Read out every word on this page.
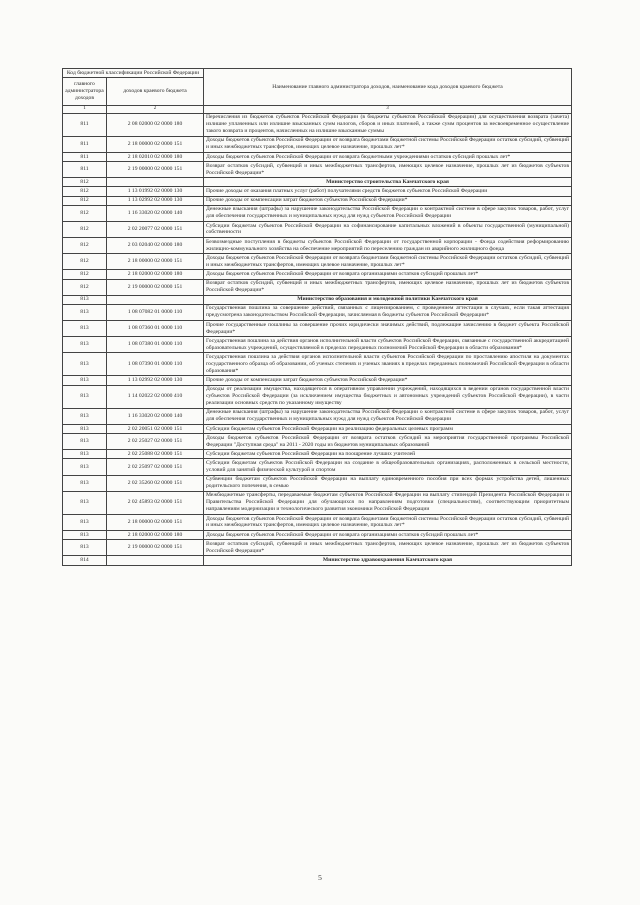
Код бюджетной классификации Российской Федерации		Наименование главного администратора доходов, наименование кода доходов краевого бюджета
главного администратора доходов	доходов краевого бюджета	
1	2	3
811	2 08 02000 02 0000 180	Перечисления из бюджетов субъектов Российской Федерации (в бюджеты субъектов Российской Федерации) для осуществления возврата (зачета) излишне уплаченных или излишне взысканных сумм налогов, сборов и иных платежей, а также сумм процентов за несвоевременное осуществление такого возврата и процентов, начисленных на излишне взысканные суммы
811	2 18 00000 02 0000 151	Доходы бюджетов субъектов Российской Федерации от возврата бюджетами бюджетной системы Российской Федерации остатков субсидий, субвенций и иных межбюджетных трансфертов, имеющих целевое назначение, прошлых лет*
811	2 18 02010 02 0000 180	Доходы бюджетов субъектов Российской Федерации от возврата бюджетными учреждениями остатков субсидий прошлых лет*
811	2 19 00000 02 0000 151	Возврат остатков субсидий, субвенций и иных межбюджетных трансфертов, имеющих целевое назначение, прошлых лет из бюджетов субъектов Российской Федерации*
812		Министерство строительства Камчатского края
812	1 13 01992 02 0000 130	Прочие доходы от оказания платных услуг (работ) получателями средств бюджетов субъектов Российской Федерации
812	1 13 02992 02 0000 130	Прочие доходы от компенсации затрат бюджетов субъектов Российской Федерации*
812	1 16 33020 02 0000 140	Денежные взыскания (штрафы) за нарушение законодательства Российской Федерации о контрактной системе в сфере закупок товаров, работ, услуг для обеспечения государственных и муниципальных нужд для нужд субъектов Российской Федерации
812	2 02 20077 02 0000 151	Субсидии бюджетам субъектов Российской Федерации на софинансирование капитальных вложений в объекты государственной (муниципальной) собственности
812	2 03 02040 02 0000 180	Безвозмездные поступления в бюджеты субъектов Российской Федерации от государственной корпорации - Фонда содействия реформированию жилищно-коммунального хозяйства на обеспечение мероприятий по переселению граждан из аварийного жилищного фонда
812	2 18 00000 02 0000 151	Доходы бюджетов субъектов Российской Федерации от возврата бюджетами бюджетной системы Российской Федерации остатков субсидий, субвенций и иных межбюджетных трансфертов, имеющих целевое назначение, прошлых лет*
812	2 18 02000 02 0000 180	Доходы бюджетов субъектов Российской Федерации от возврата организациями остатков субсидий прошлых лет*
812	2 19 00000 02 0000 151	Возврат остатков субсидий, субвенций и иных межбюджетных трансфертов, имеющих целевое назначение, прошлых лет из бюджетов субъектов Российской Федерации*
813		Министерство образования и молодежной политики Камчатского края
813	1 08 07082 01 0000 110	Государственная пошлина за совершение действий, связанных с лицензированием, с проведением аттестации в случаях, если такая аттестация предусмотрена законодательством Российской Федерации, зачисляемая в бюджеты субъектов Российской Федерации*
813	1 08 07360 01 0000 110	Прочие государственные пошлины за совершение прочих юридически значимых действий, подлежащие зачислению в бюджет субъекта Российской Федерации*
813	1 08 07380 01 0000 110	Государственная пошлина за действия органов исполнительной власти субъектов Российской Федерации, связанные с государственной аккредитацией образовательных учреждений, осуществляемой в пределах переданных полномочий Российской Федерации в области образования*
813	1 08 07390 01 0000 110	Государственная пошлина за действия органов исполнительной власти субъектов Российской Федерации по проставлению апостиля на документах государственного образца об образовании, об ученых степенях и ученых званиях в пределах переданных полномочий Российской Федерации в области образования*
813	1 13 02992 02 0000 130	Прочие доходы от компенсации затрат бюджетов субъектов Российской Федерации*
813	1 14 02022 02 0000 410	Доходы от реализации имущества, находящегося в оперативном управлении учреждений, находящихся в ведении органов государственной власти субъектов Российской Федерации (за исключением имущества бюджетных и автономных учреждений субъектов Российской Федерации), в части реализации основных средств по указанному имуществу
813	1 16 33020 02 0000 140	Денежные взыскания (штрафы) за нарушение законодательства Российской Федерации о контрактной системе в сфере закупок товаров, работ, услуг для обеспечения государственных и муниципальных нужд для нужд субъектов Российской Федерации
813	2 02 20051 02 0000 151	Субсидии бюджетам субъектов Российской Федерации на реализацию федеральных целевых программ
813	2 02 25027 02 0000 151	Доходы бюджетов субъектов Российской Федерации от возврата остатков субсидий на мероприятия государственной программы Российской Федерации "Доступная среда" на 2011 - 2020 годы из бюджетов муниципальных образований
813	2 02 25088 02 0000 151	Субсидии бюджетам субъектов Российской Федерации на поощрение лучших учителей
813	2 02 25097 02 0000 151	Субсидии бюджетам субъектов Российской Федерации на создание в общеобразовательных организациях, расположенных в сельской местности, условий для занятий физической культурой и спортом
813	2 02 35260 02 0000 151	Субвенции бюджетам субъектов Российской Федерации на выплату единовременного пособия при всех формах устройства детей, лишенных родительского попечения, в семью
813	2 02 45893 02 0000 151	Межбюджетные трансферты, передаваемые бюджетам субъектов Российской Федерации на выплату стипендий Президента Российской Федерации и Правительства Российской Федерации для обучающихся по направлениям подготовки (специальностям), соответствующим приоритетным направлениям модернизации и технологического развития экономики Российской Федерации
813	2 18 00000 02 0000 151	Доходы бюджетов субъектов Российской Федерации от возврата бюджетами бюджетной системы Российской Федерации остатков субсидий, субвенций и иных межбюджетных трансфертов, имеющих целевое назначение, прошлых лет*
813	2 18 02000 02 0000 180	Доходы бюджетов субъектов Российской Федерации от возврата организациями остатков субсидий прошлых лет*
813	2 19 00000 02 0000 151	Возврат остатков субсидий, субвенций и иных межбюджетных трансфертов, имеющих целевое назначение, прошлых лет из бюджетов субъектов Российской Федерации*
814		Министерство здравоохранения Камчатского края
5
